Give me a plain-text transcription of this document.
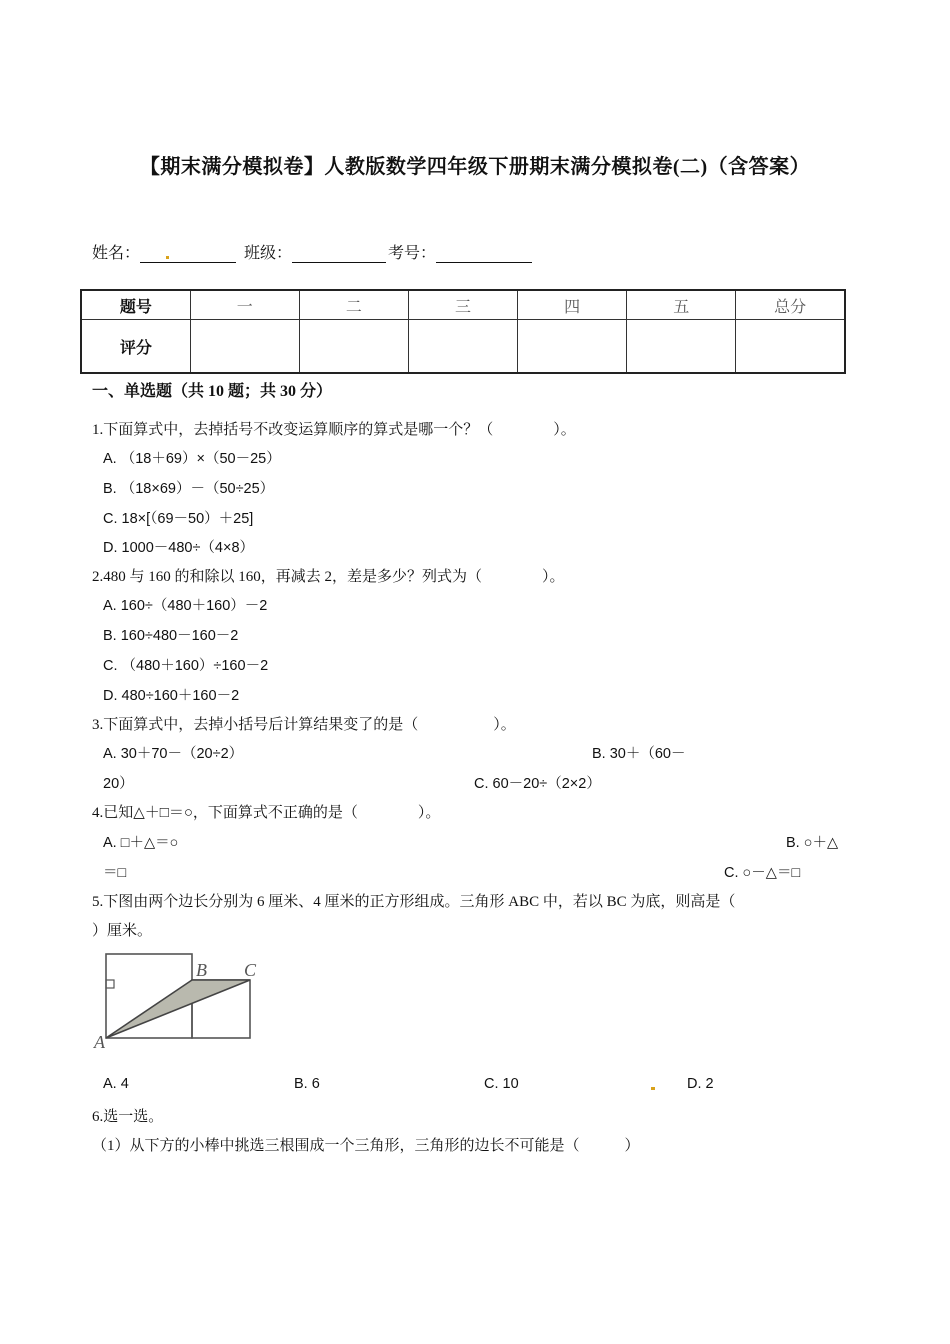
【期末满分模拟卷】人教版数学四年级下册期末满分模拟卷(二)（含答案）
姓名：	班级：	考号：
题号	一	二	三	四	五	总分
评分						
一、单选题（共 10 题；共 30 分）
1.下面算式中，去掉括号不改变运算顺序的算式是哪一个？（　　　　）。
A. （18＋69）×（50－25）
B. （18×69）－（50÷25）
C. 18×[（69－50）＋25]
D. 1000－480÷（4×8）
2.480 与 160 的和除以 160，再减去 2，差是多少？列式为（　　　　）。
A. 160÷（480＋160）－2
B. 160÷480－160－2
C. （480＋160）÷160－2
D. 480÷160＋160－2
3.下面算式中，去掉小括号后计算结果变了的是（　　　　　）。
A. 30＋70－（20÷2）	B. 30＋（60－
20）	C. 60－20÷（2×2）
4.已知△＋□＝○，下面算式不正确的是（　　　　）。
A. □＋△＝○	B. ○＋△
＝□	C. ○－△＝□
5.下图由两个边长分别为 6 厘米、4 厘米的正方形组成。三角形 ABC 中，若以 BC 为底，则高是（
）厘米。
A
B C
A. 4	B. 6	C. 10	D. 2
6.选一选。
（1）从下方的小棒中挑选三根围成一个三角形，三角形的边长不可能是（　　　）
